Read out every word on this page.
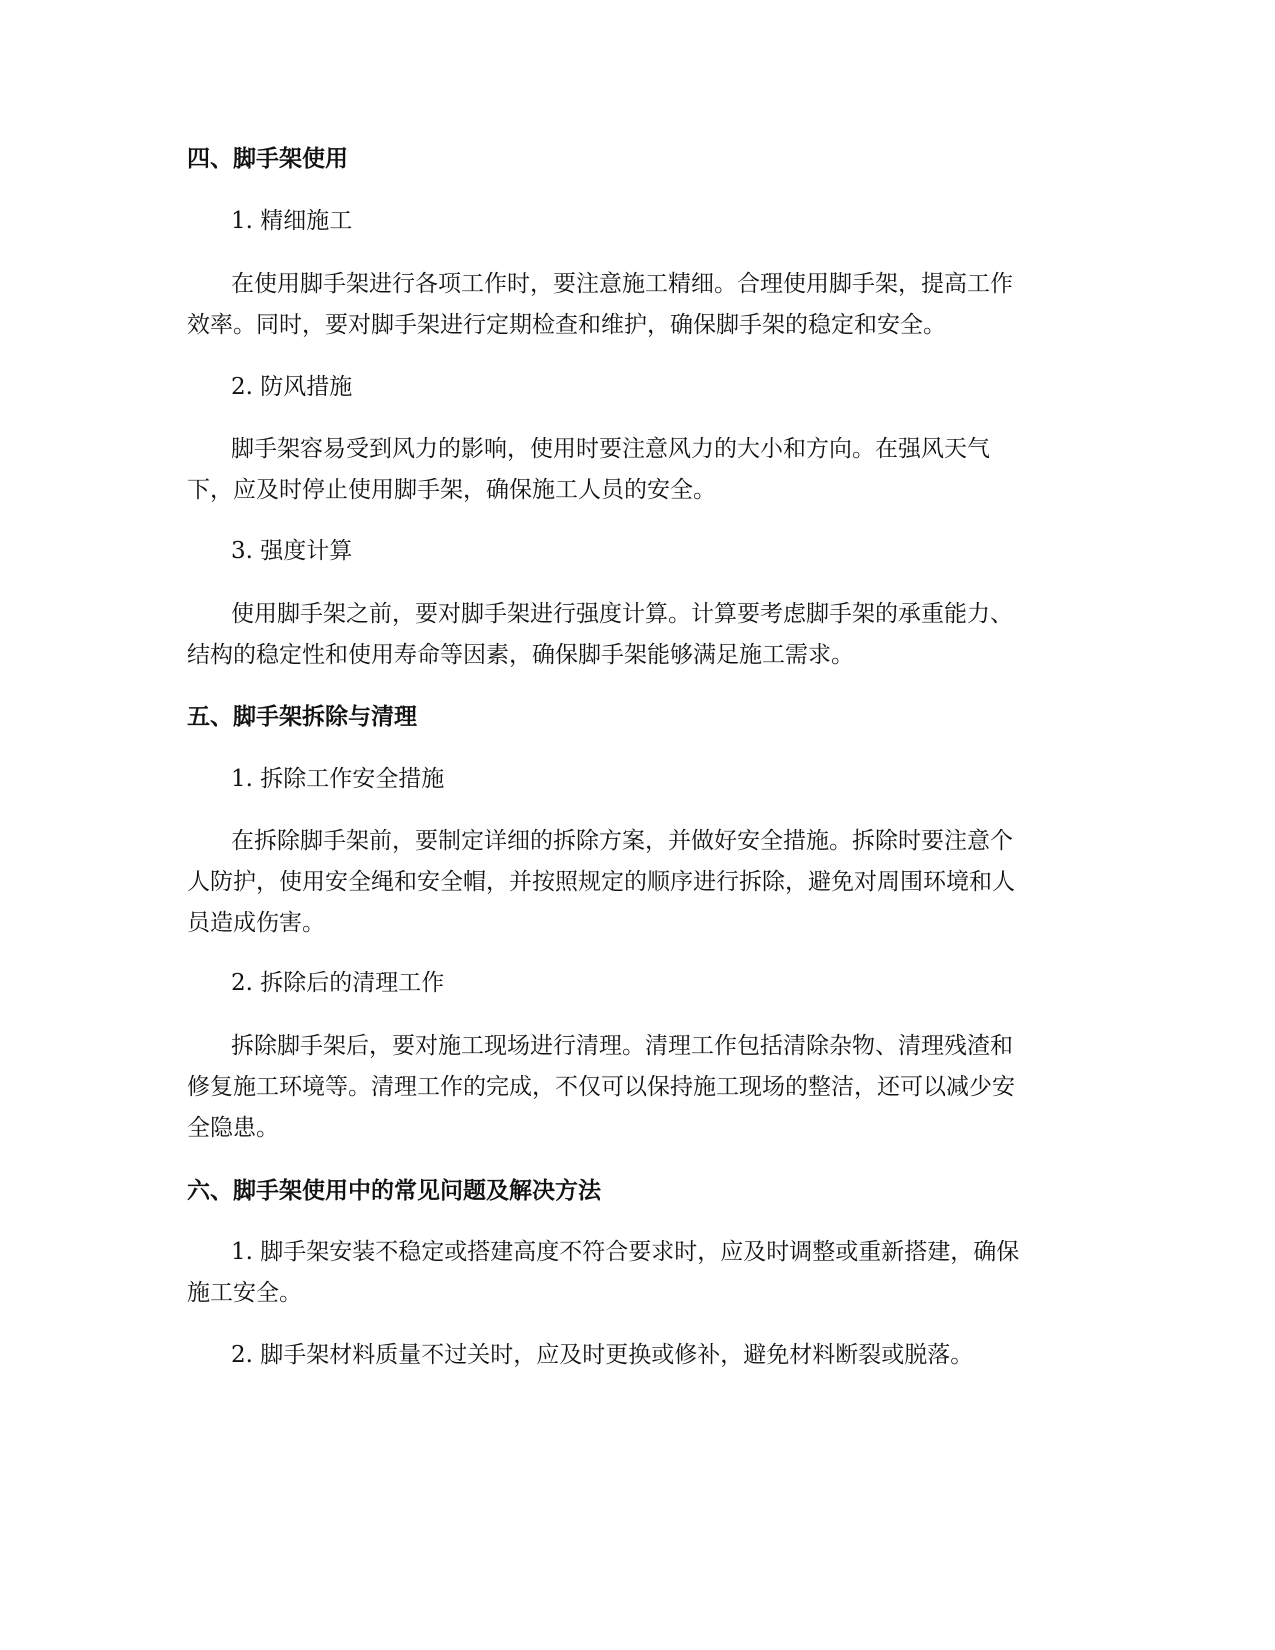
四、脚手架使用

1. 精细施工

在使用脚手架进行各项工作时，要注意施工精细。合理使用脚手架，提高工作
效率。同时，要对脚手架进行定期检查和维护，确保脚手架的稳定和安全。

2. 防风措施

脚手架容易受到风力的影响，使用时要注意风力的大小和方向。在强风天气
下，应及时停止使用脚手架，确保施工人员的安全。

3. 强度计算

使用脚手架之前，要对脚手架进行强度计算。计算要考虑脚手架的承重能力、
结构的稳定性和使用寿命等因素，确保脚手架能够满足施工需求。

五、脚手架拆除与清理

1. 拆除工作安全措施

在拆除脚手架前，要制定详细的拆除方案，并做好安全措施。拆除时要注意个
人防护，使用安全绳和安全帽，并按照规定的顺序进行拆除，避免对周围环境和人
员造成伤害。

2. 拆除后的清理工作

拆除脚手架后，要对施工现场进行清理。清理工作包括清除杂物、清理残渣和
修复施工环境等。清理工作的完成，不仅可以保持施工现场的整洁，还可以减少安
全隐患。

六、脚手架使用中的常见问题及解决方法

1. 脚手架安装不稳定或搭建高度不符合要求时，应及时调整或重新搭建，确保
施工安全。

2. 脚手架材料质量不过关时，应及时更换或修补，避免材料断裂或脱落。
